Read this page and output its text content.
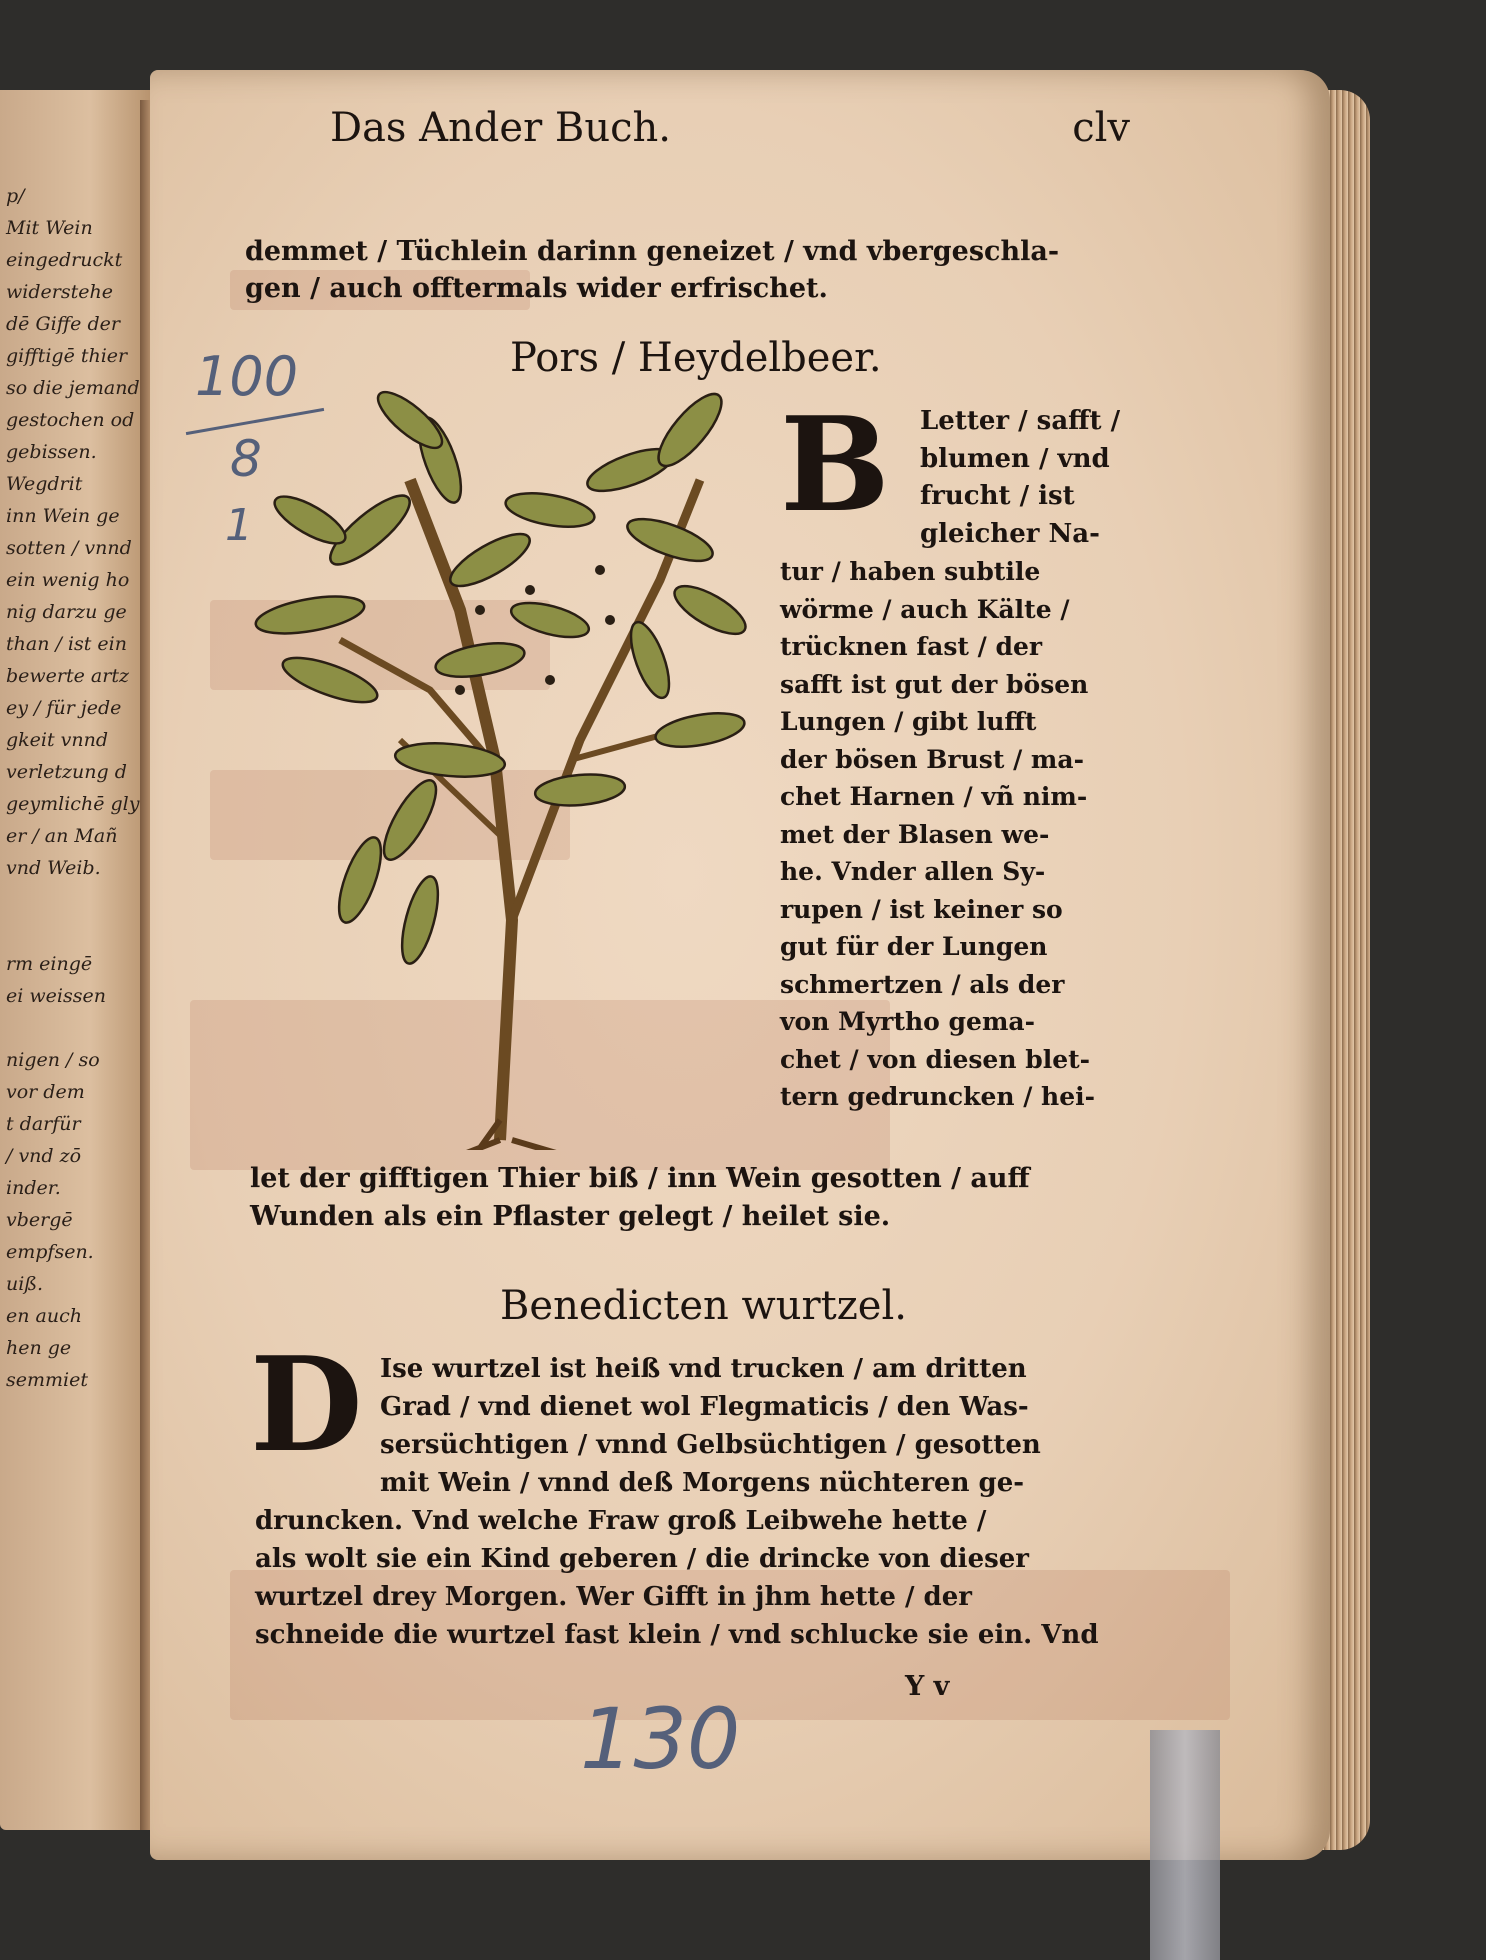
p/
Mit Wein
eingedruckt
widerstehe
dē Giffe der
gifftigē thier
so die jemand
gestochen od
gebissen.
Wegdrit
inn Wein ge
sotten / vnnd
ein wenig ho
nig darzu ge
than / ist ein
bewerte artz
ey / für jede
gkeit vnnd
verletzung d
geymlichē gly
er / an Mañ
vnd Weib.
rm eingē
ei weissen
nigen / so
vor dem
t darfür
/ vnd zō
inder.
vbergē
empfsen.
uiß.
en auch
hen ge
semmiet
Das Ander Buch.	clv
demmet / Tüchlein darinn geneizet / vnd vbergeschla-
gen / auch offtermals wider erfrischet.
Pors / Heydelbeer.
B Letter / safft /
blumen / vnd
frucht / ist
gleicher Na-
tur / haben subtile
wörme / auch Kälte /
trücknen fast / der
safft ist gut der bösen
Lungen / gibt lufft
der bösen Brust / ma-
chet Harnen / vñ nim-
met der Blasen we-
he. Vnder allen Sy-
rupen / ist keiner so
gut für der Lungen
schmertzen / als der
von Myrtho gema-
chet / von diesen blet-
tern gedruncken / hei-
let der gifftigen Thier biß / inn Wein gesotten / auff
Wunden als ein Pflaster gelegt / heilet sie.
Benedicten wurtzel.
D Ise wurtzel ist heiß vnd trucken / am dritten
Grad / vnd dienet wol Flegmaticis / den Was-
sersüchtigen / vnnd Gelbsüchtigen / gesotten
mit Wein / vnnd deß Morgens nüchteren ge-
druncken. Vnd welche Fraw groß Leibwehe hette /
als wolt sie ein Kind geberen / die drincke von dieser
wurtzel drey Morgen. Wer Gifft in jhm hette / der
schneide die wurtzel fast klein / vnd schlucke sie ein. Vnd
Y v
100
8
1
130
